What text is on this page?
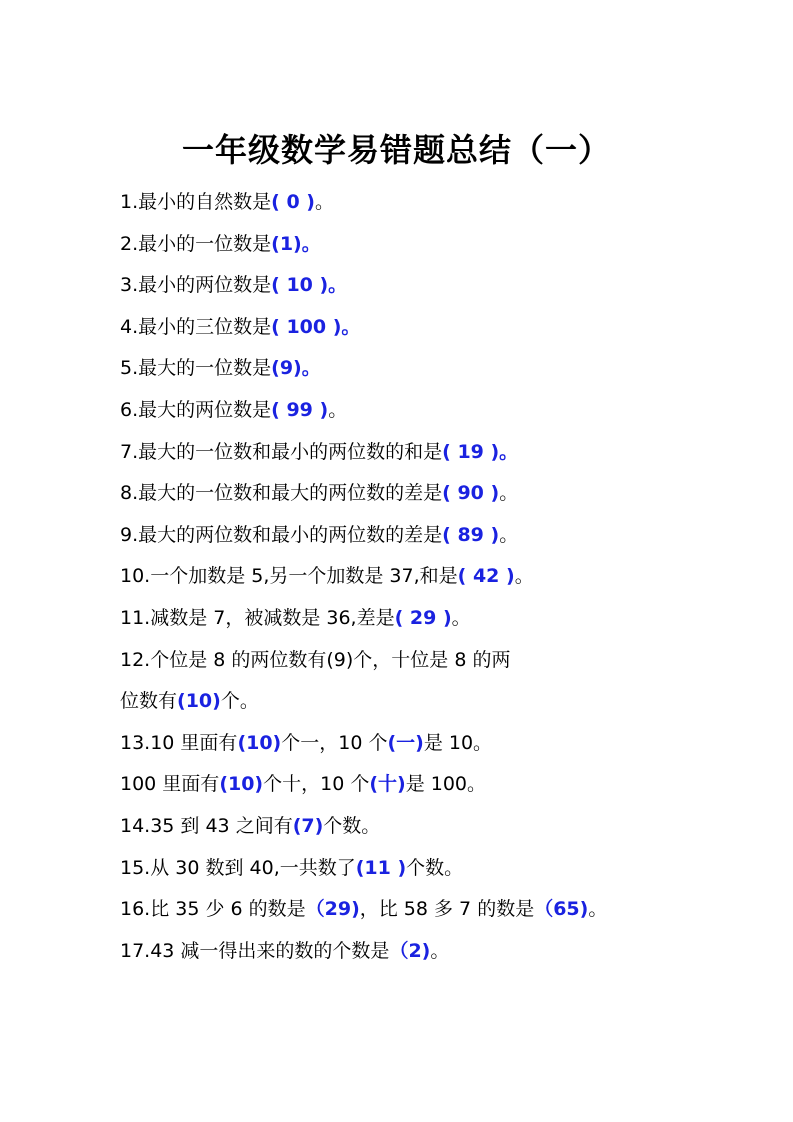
一年级数学易错题总结（一）
1.最小的自然数是( 0 )。
2.最小的一位数是(1)。
3.最小的两位数是( 10 )。
4.最小的三位数是( 100 )。
5.最大的一位数是(9)。
6.最大的两位数是( 99 )。
7.最大的一位数和最小的两位数的和是( 19 )。
8.最大的一位数和最大的两位数的差是( 90 )。
9.最大的两位数和最小的两位数的差是( 89 )。
10.一个加数是 5,另一个加数是 37,和是( 42 )。
11.减数是 7，被减数是 36,差是( 29 )。
12.个位是 8 的两位数有(9)个，十位是 8 的两
位数有(10)个。
13.10 里面有(10)个一，10 个(一)是 10。
100 里面有(10)个十，10 个(十)是 100。
14.35 到 43 之间有(7)个数。
15.从 30 数到 40,一共数了(11 )个数。
16.比 35 少 6 的数是（29)，比 58 多 7 的数是（65)。
17.43 减一得出来的数的个数是（2)。
